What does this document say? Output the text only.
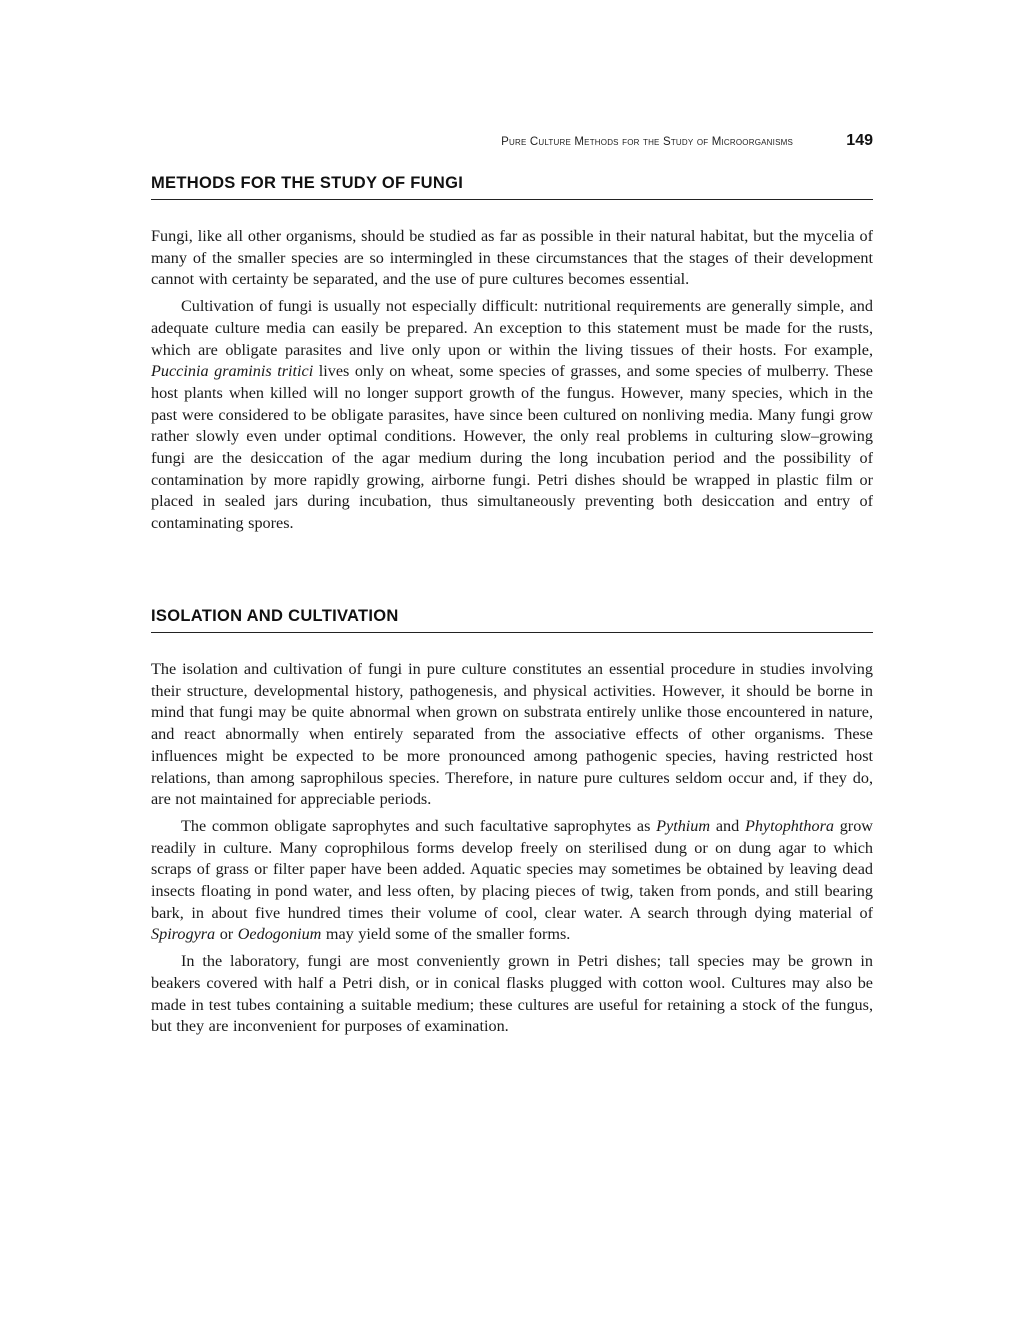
Pure Culture Methods for the Study of Microorganisms	149
METHODS FOR THE STUDY OF FUNGI

Fungi, like all other organisms, should be studied as far as possible in their natural habitat, but the mycelia of many of the smaller species are so intermingled in these circumstances that the stages of their development cannot with certainty be separated, and the use of pure cultures becomes essential.

Cultivation of fungi is usually not especially difficult: nutritional requirements are generally simple, and adequate culture media can easily be prepared. An exception to this statement must be made for the rusts, which are obligate parasites and live only upon or within the living tissues of their hosts. For example, Puccinia graminis tritici lives only on wheat, some species of grasses, and some species of mulberry. These host plants when killed will no longer support growth of the fungus. However, many species, which in the past were considered to be obligate parasites, have since been cultured on nonliving media. Many fungi grow rather slowly even under optimal conditions. However, the only real problems in culturing slow–growing fungi are the desiccation of the agar medium during the long incubation period and the possibility of contamination by more rapidly growing, airborne fungi. Petri dishes should be wrapped in plastic film or placed in sealed jars during incubation, thus simultaneously preventing both desiccation and entry of contaminating spores.

ISOLATION AND CULTIVATION

The isolation and cultivation of fungi in pure culture constitutes an essential procedure in studies involving their structure, developmental history, pathogenesis, and physical activities. However, it should be borne in mind that fungi may be quite abnormal when grown on substrata entirely unlike those encountered in nature, and react abnormally when entirely separated from the associative effects of other organisms. These influences might be expected to be more pronounced among pathogenic species, having restricted host relations, than among saprophilous species. Therefore, in nature pure cultures seldom occur and, if they do, are not maintained for appreciable periods.

The common obligate saprophytes and such facultative saprophytes as Pythium and Phytophthora grow readily in culture. Many coprophilous forms develop freely on sterilised dung or on dung agar to which scraps of grass or filter paper have been added. Aquatic species may sometimes be obtained by leaving dead insects floating in pond water, and less often, by placing pieces of twig, taken from ponds, and still bearing bark, in about five hundred times their volume of cool, clear water. A search through dying material of Spirogyra or Oedogonium may yield some of the smaller forms.

In the laboratory, fungi are most conveniently grown in Petri dishes; tall species may be grown in beakers covered with half a Petri dish, or in conical flasks plugged with cotton wool. Cultures may also be made in test tubes containing a suitable medium; these cultures are useful for retaining a stock of the fungus, but they are inconvenient for purposes of examination.
